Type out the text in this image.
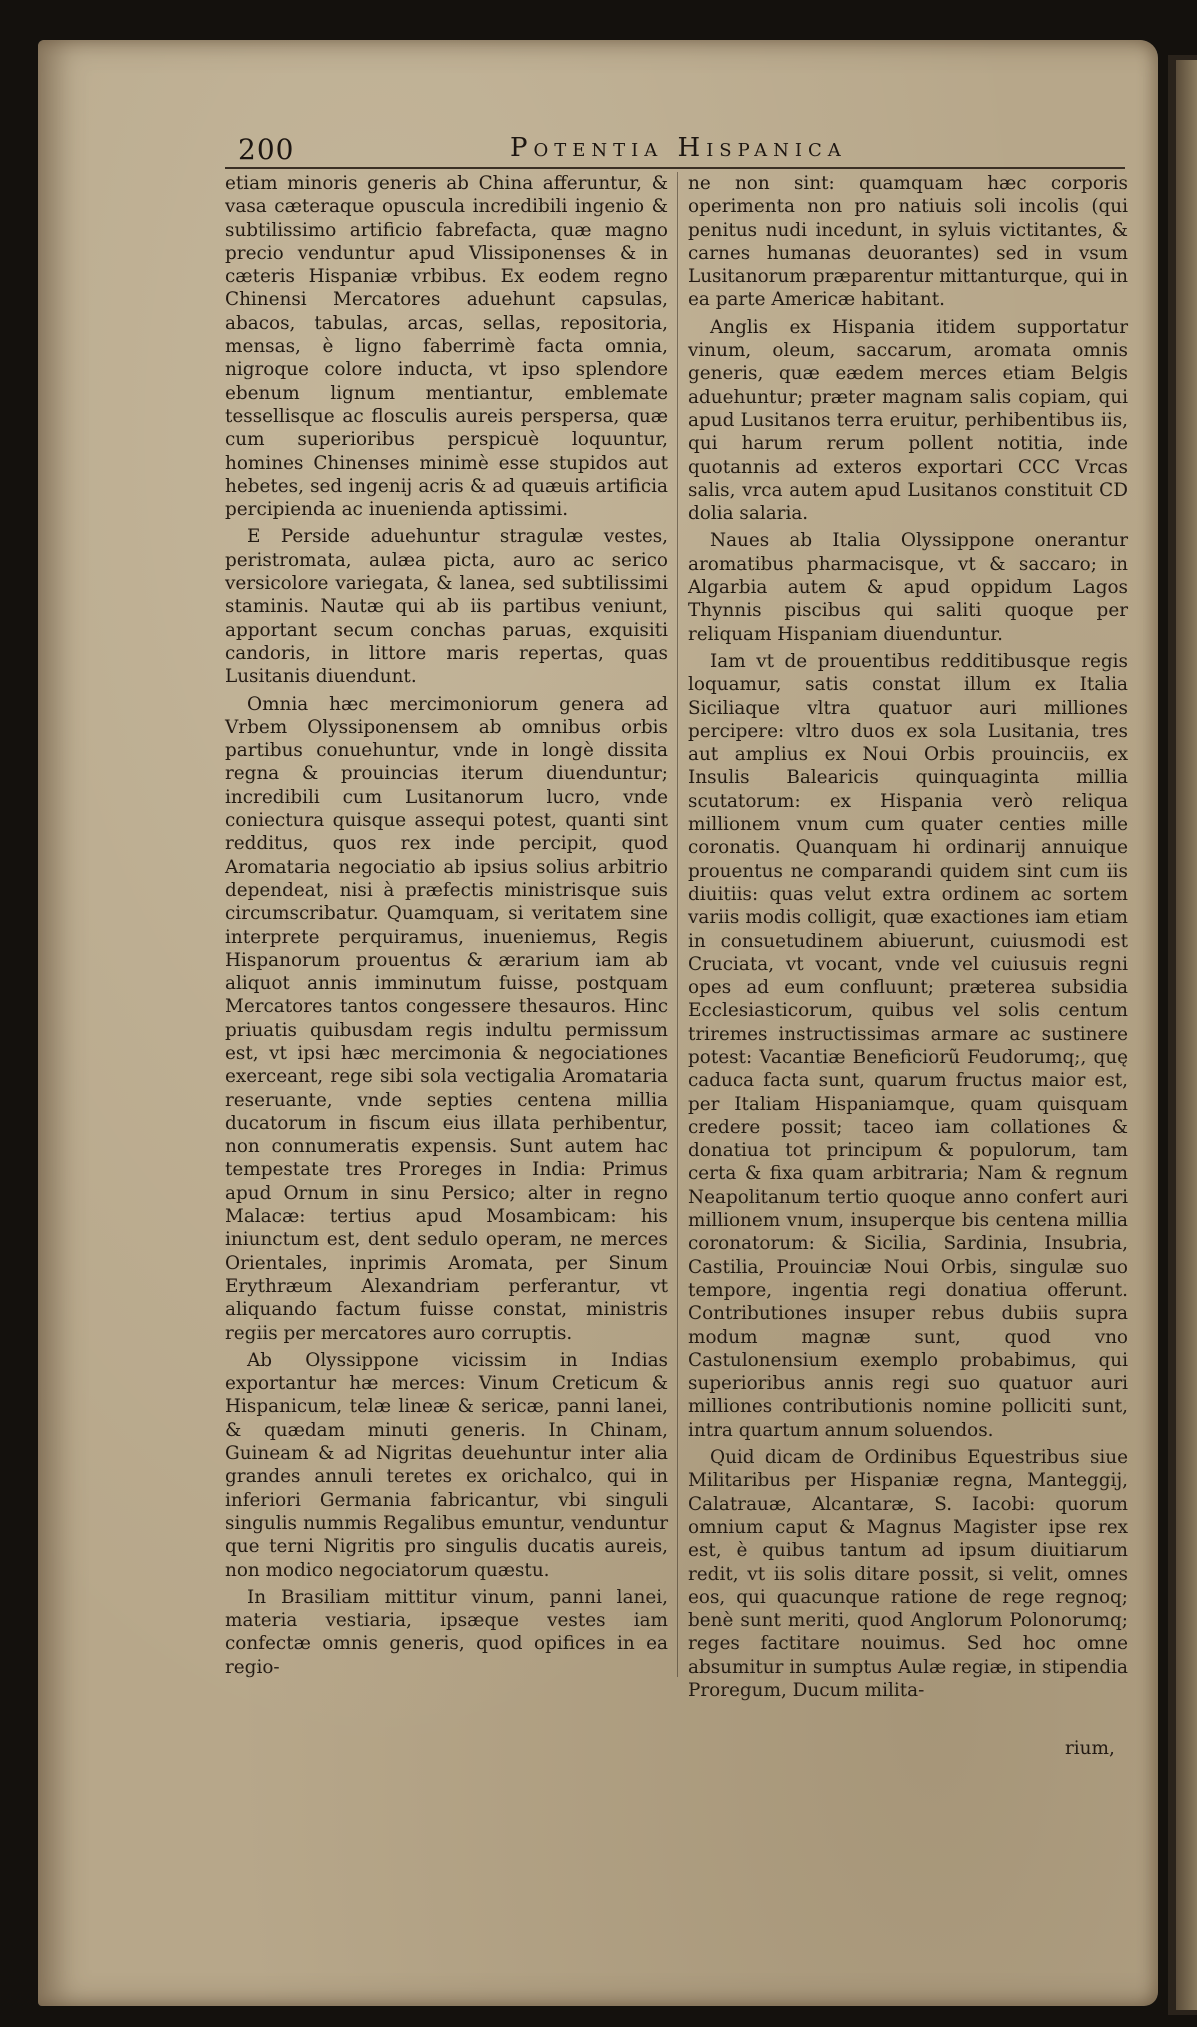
200	Potentia Hispanica

etiam minoris generis ab China afferuntur, & vasa cæteraque opuscula incredibili ingenio & subtilissimo artificio fabrefacta, quæ magno precio venduntur apud Vlissiponenses & in cæteris Hispaniæ vrbibus. Ex eodem regno Chinensi Mercatores aduehunt capsulas, abacos, tabulas, arcas, sellas, repositoria, mensas, è ligno faberrimè facta omnia, nigroque colore inducta, vt ipso splendore ebenum lignum mentiantur, emblemate tessellisque ac flosculis aureis perspersa, quæ cum superioribus perspicuè loquuntur, homines Chinenses minimè esse stupidos aut hebetes, sed ingenij acris & ad quæuis artificia percipienda ac inuenienda aptissimi.

E Perside aduehuntur stragulæ vestes, peristromata, aulæa picta, auro ac serico versicolore variegata, & lanea, sed subtilissimi staminis. Nautæ qui ab iis partibus veniunt, apportant secum conchas paruas, exquisiti candoris, in littore maris repertas, quas Lusitanis diuendunt.

Omnia hæc mercimoniorum genera ad Vrbem Olyssiponensem ab omnibus orbis partibus conuehuntur, vnde in longè dissita regna & prouincias iterum diuenduntur; incredibili cum Lusitanorum lucro, vnde coniectura quisque assequi potest, quanti sint redditus, quos rex inde percipit, quod Aromataria negociatio ab ipsius solius arbitrio dependeat, nisi à præfectis ministrisque suis circumscribatur. Quamquam, si veritatem sine interprete perquiramus, inueniemus, Regis Hispanorum prouentus & ærarium iam ab aliquot annis imminutum fuisse, postquam Mercatores tantos congessere thesauros. Hinc priuatis quibusdam regis indultu permissum est, vt ipsi hæc mercimonia & negociationes exerceant, rege sibi sola vectigalia Aromataria reseruante, vnde septies centena millia ducatorum in fiscum eius illata perhibentur, non connumeratis expensis. Sunt autem hac tempestate tres Proreges in India: Primus apud Ornum in sinu Persico; alter in regno Malacæ: tertius apud Mosambicam: his iniunctum est, dent sedulo operam, ne merces Orientales, inprimis Aromata, per Sinum Erythræum Alexandriam perferantur, vt aliquando factum fuisse constat, ministris regiis per mercatores auro corruptis.

Ab Olyssippone vicissim in Indias exportantur hæ merces: Vinum Creticum & Hispanicum, telæ lineæ & sericæ, panni lanei, & quædam minuti generis. In Chinam, Guineam & ad Nigritas deuehuntur inter alia grandes annuli teretes ex orichalco, qui in inferiori Germania fabricantur, vbi singuli singulis nummis Regalibus emuntur, venduntur que terni Nigritis pro singulis ducatis aureis, non modico negociatorum quæstu.

In Brasiliam mittitur vinum, panni lanei, materia vestiaria, ipsæque vestes iam confectæ omnis generis, quod opifices in ea regio-

ne non sint: quamquam hæc corporis operimenta non pro natiuis soli incolis (qui penitus nudi incedunt, in syluis victitantes, & carnes humanas deuorantes) sed in vsum Lusitanorum præparentur mittanturque, qui in ea parte Americæ habitant.

Anglis ex Hispania itidem supportatur vinum, oleum, saccarum, aromata omnis generis, quæ eædem merces etiam Belgis aduehuntur; præter magnam salis copiam, qui apud Lusitanos terra eruitur, perhibentibus iis, qui harum rerum pollent notitia, inde quotannis ad exteros exportari CCC Vrcas salis, vrca autem apud Lusitanos constituit CD dolia salaria.

Naues ab Italia Olyssippone onerantur aromatibus pharmacisque, vt & saccaro; in Algarbia autem & apud oppidum Lagos Thynnis piscibus qui saliti quoque per reliquam Hispaniam diuenduntur.

Iam vt de prouentibus redditibusque regis loquamur, satis constat illum ex Italia Siciliaque vltra quatuor auri milliones percipere: vltro duos ex sola Lusitania, tres aut amplius ex Noui Orbis prouinciis, ex Insulis Balearicis quinquaginta millia scutatorum: ex Hispania verò reliqua millionem vnum cum quater centies mille coronatis. Quanquam hi ordinarij annuique prouentus ne comparandi quidem sint cum iis diuitiis: quas velut extra ordinem ac sortem variis modis colligit, quæ exactiones iam etiam in consuetudinem abiuerunt, cuiusmodi est Cruciata, vt vocant, vnde vel cuiusuis regni opes ad eum confluunt; præterea subsidia Ecclesiasticorum, quibus vel solis centum triremes instructissimas armare ac sustinere potest: Vacantiæ Beneficiorũ Feudorumq;, quę caduca facta sunt, quarum fructus maior est, per Italiam Hispaniamque, quam quisquam credere possit; taceo iam collationes & donatiua tot principum & populorum, tam certa & fixa quam arbitraria; Nam & regnum Neapolitanum tertio quoque anno confert auri millionem vnum, insuperque bis centena millia coronatorum: & Sicilia, Sardinia, Insubria, Castilia, Prouinciæ Noui Orbis, singulæ suo tempore, ingentia regi donatiua offerunt. Contributiones insuper rebus dubiis supra modum magnæ sunt, quod vno Castulonensium exemplo probabimus, qui superioribus annis regi suo quatuor auri milliones contributionis nomine polliciti sunt, intra quartum annum soluendos.

Quid dicam de Ordinibus Equestribus siue Militaribus per Hispaniæ regna, Manteggij, Calatrauæ, Alcantaræ, S. Iacobi: quorum omnium caput & Magnus Magister ipse rex est, è quibus tantum ad ipsum diuitiarum redit, vt iis solis ditare possit, si velit, omnes eos, qui quacunque ratione de rege regnoq; benè sunt meriti, quod Anglorum Polonorumq; reges factitare nouimus. Sed hoc omne absumitur in sumptus Aulæ regiæ, in stipendia Proregum, Ducum milita-

rium,
